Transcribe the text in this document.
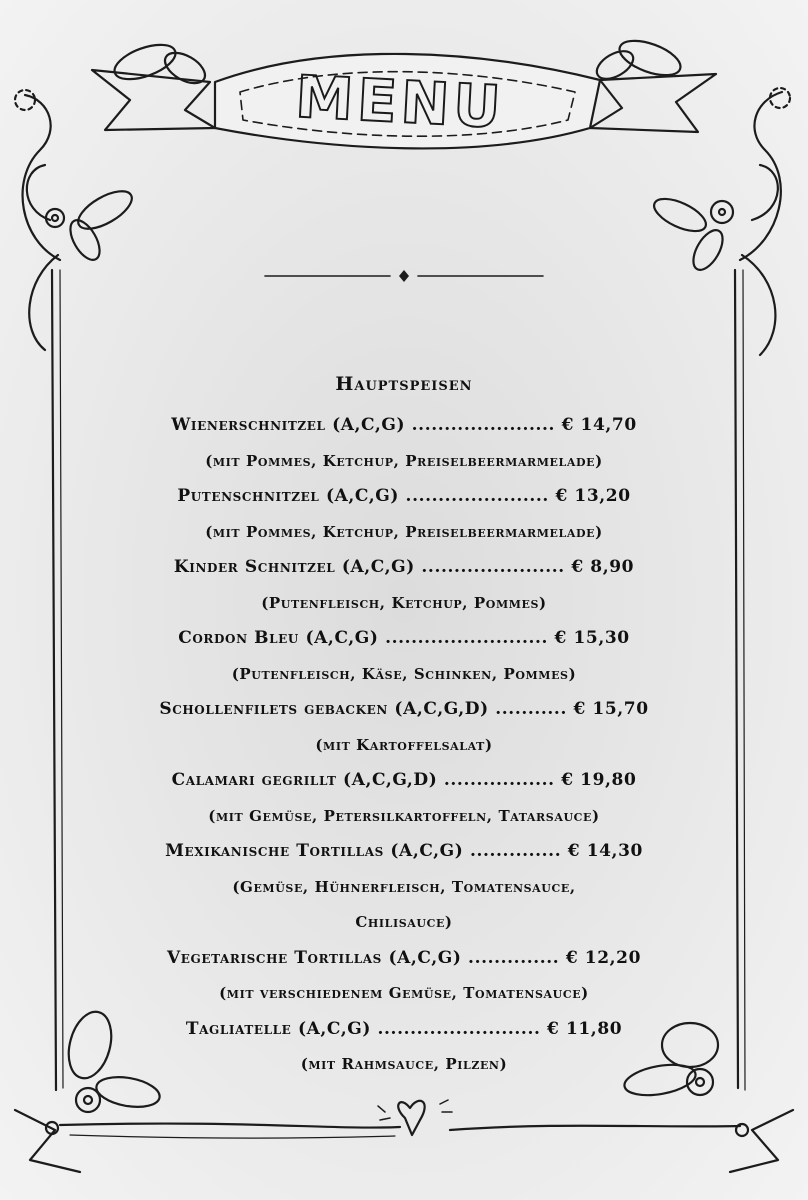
MENU
Hauptspeisen
Wienerschnitzel (A,C,G) ...................... € 14,70
(mit Pommes, Ketchup, Preiselbeermarmelade)
Putenschnitzel (A,C,G) ...................... € 13,20
(mit Pommes, Ketchup, Preiselbeermarmelade)
Kinder Schnitzel (A,C,G) ...................... € 8,90
(Putenfleisch, Ketchup, Pommes)
Cordon Bleu (A,C,G) ......................... € 15,30
(Putenfleisch, Käse, Schinken, Pommes)
Schollenfilets gebacken (A,C,G,D) ........... € 15,70
(mit Kartoffelsalat)
Calamari gegrillt (A,C,G,D) ................. € 19,80
(mit Gemüse, Petersilkartoffeln, Tatarsauce)
Mexikanische Tortillas (A,C,G) .............. € 14,30
(Gemüse, Hühnerfleisch, Tomatensauce,
Chilisauce)
Vegetarische Tortillas (A,C,G) .............. € 12,20
(mit verschiedenem Gemüse, Tomatensauce)
Tagliatelle (A,C,G) ......................... € 11,80
(mit Rahmsauce, Pilzen)
